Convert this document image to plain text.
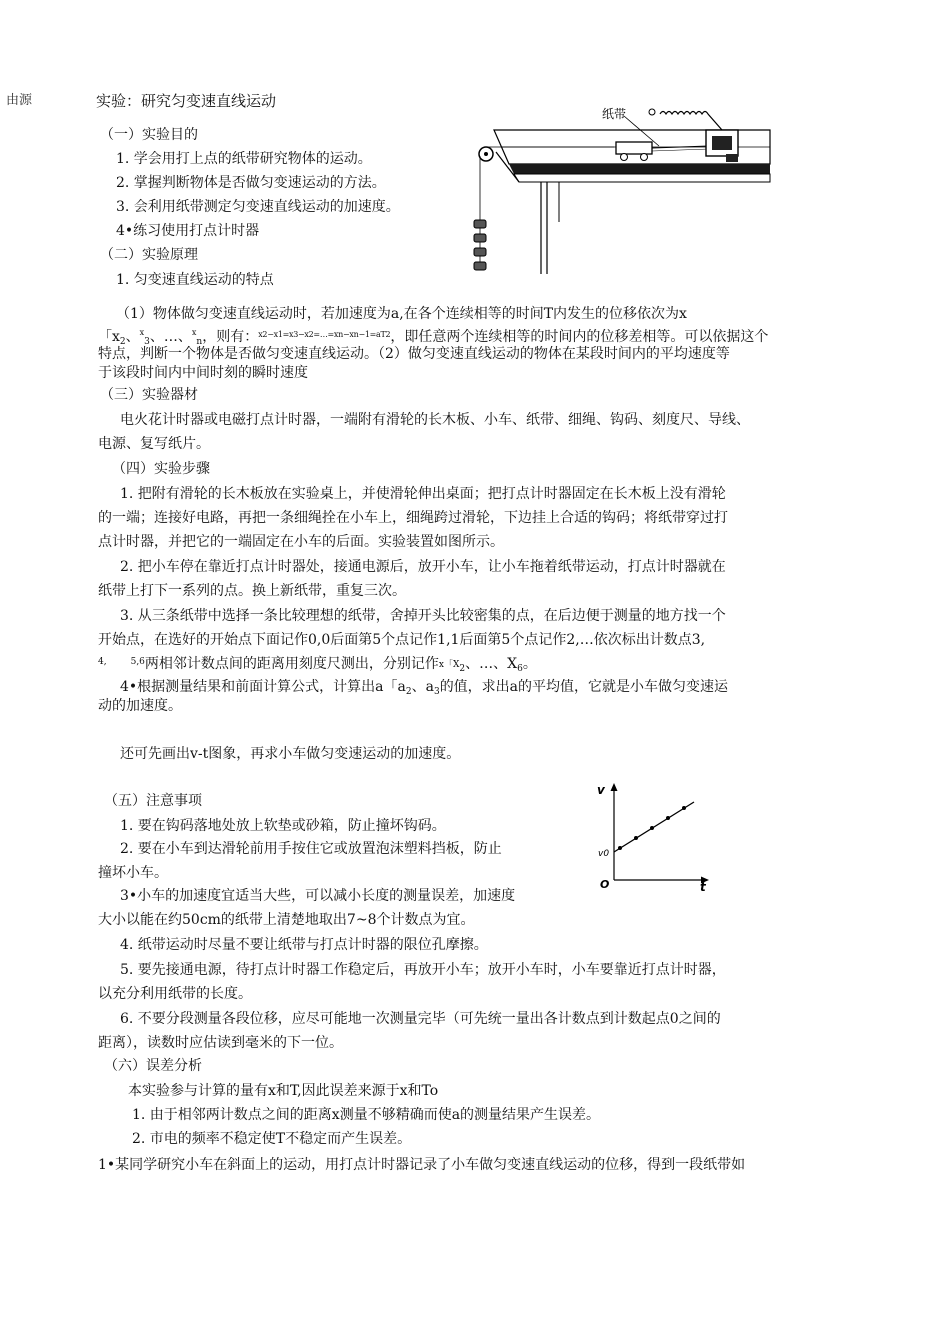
由源	实验：研究匀变速直线运动
（一）实验目的
1. 学会用打上点的纸带研究物体的运动。
2. 掌握判断物体是否做匀变速运动的方法。
3. 会利用纸带测定匀变速直线运动的加速度。
4•练习使用打点计时器
（二）实验原理
1. 匀变速直线运动的特点
（1）物体做匀变速直线运动时，若加速度为a,在各个连续相等的时间T内发生的位移依次为x
「$x_2$、$^x_3$、…、$^x_n$，则有：$^{x2-x1=x3-x2=\dots=xn-xn-1=aT2}$，即任意两个连续相等的时间内的位移差相等。可以依据这个
特点，判断一个物体是否做匀变速直线运动。（2）做匀变速直线运动的物体在某段时间内的平均速度等
于该段时间内中间时刻的瞬时速度
（三）实验器材
电火花计时器或电磁打点计时器，一端附有滑轮的长木板、小车、纸带、细绳、钩码、刻度尺、导线、
电源、复写纸片。
（四）实验步骤
1. 把附有滑轮的长木板放在实验桌上，并使滑轮伸出桌面；把打点计时器固定在长木板上没有滑轮
的一端；连接好电路，再把一条细绳拴在小车上，细绳跨过滑轮，下边挂上合适的钩码；将纸带穿过打
点计时器，并把它的一端固定在小车的后面。实验装置如图所示。
2. 把小车停在靠近打点计时器处，接通电源后，放开小车，让小车拖着纸带运动，打点计时器就在
纸带上打下一系列的点。换上新纸带，重复三次。
3. 从三条纸带中选择一条比较理想的纸带，舍掉开头比较密集的点，在后边便于测量的地方找一个
开始点，在选好的开始点下面记作0,0后面第5个点记作1,1后面第5个点记作2,…依次标出计数点3,
$^{4,}$	$^{5,6}$两相邻计数点间的距离用刻度尺测出，分别记作x「$X_2$、…、$X_6$。
4•根据测量结果和前面计算公式，计算出a「$a_2$、$a_3$的值，求出a的平均值，它就是小车做匀变速运
动的加速度。
还可先画出v-t图象，再求小车做匀变速运动的加速度。
（五）注意事项
1. 要在钩码落地处放上软垫或砂箱，防止撞坏钩码。
2. 要在小车到达滑轮前用手按住它或放置泡沫塑料挡板，防止
撞坏小车。
3•小车的加速度宜适当大些，可以减小长度的测量误差，加速度
大小以能在约50cm的纸带上清楚地取出7~8个计数点为宜。
4. 纸带运动时尽量不要让纸带与打点计时器的限位孔摩擦。
5. 要先接通电源，待打点计时器工作稳定后，再放开小车；放开小车时，小车要靠近打点计时器，
以充分利用纸带的长度。
6. 不要分段测量各段位移，应尽可能地一次测量完毕（可先统一量出各计数点到计数起点0之间的
距离），读数时应估读到毫米的下一位。
（六）误差分析
本实验参与计算的量有x和T,因此误差来源于x和To
1. 由于相邻两计数点之间的距离x测量不够精确而使a的测量结果产生误差。
2. 市电的频率不稳定使T不稳定而产生误差。
1•某同学研究小车在斜面上的运动，用打点计时器记录了小车做匀变速直线运动的位移，得到一段纸带如
纸带
v
t
O
v0
